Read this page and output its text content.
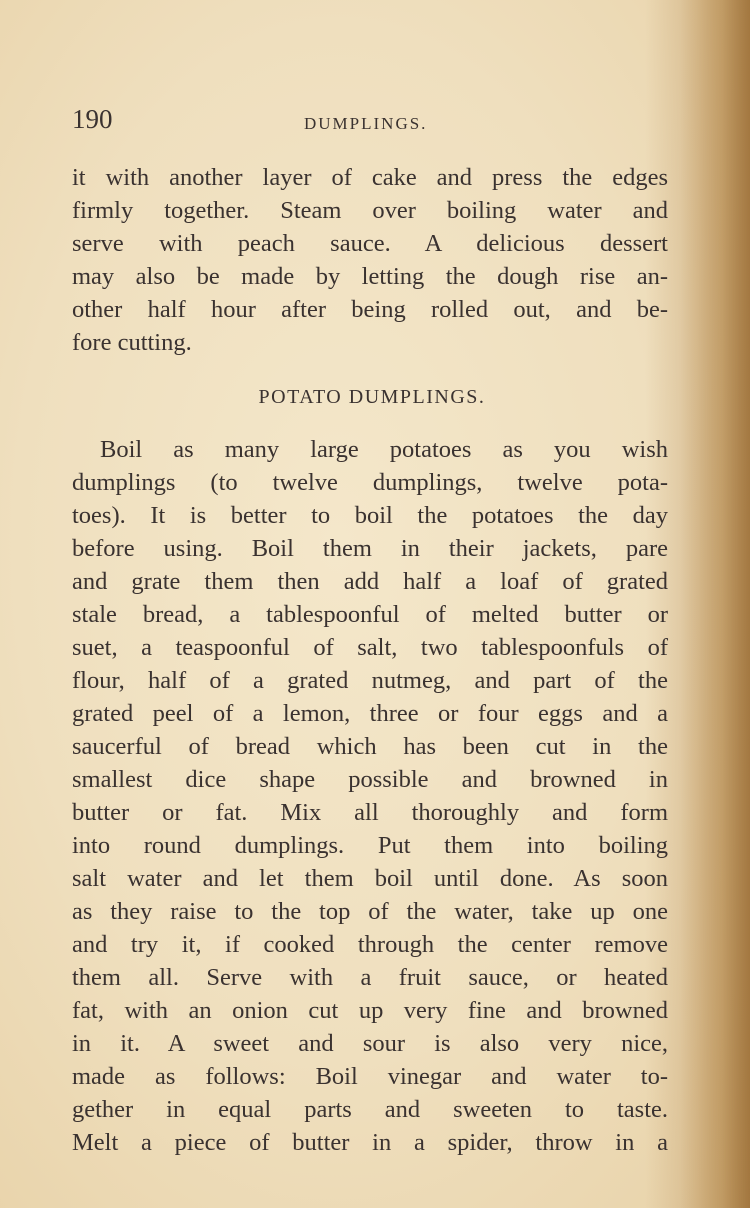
190	DUMPLINGS.
it with another layer of cake and press the edges
firmly together. Steam over boiling water and
serve with peach sauce. A delicious dessert
may also be made by letting the dough rise an-
other half hour after being rolled out, and be-
fore cutting.
POTATO DUMPLINGS.
Boil as many large potatoes as you wish
dumplings (to twelve dumplings, twelve pota-
toes). It is better to boil the potatoes the day
before using. Boil them in their jackets, pare
and grate them then add half a loaf of grated
stale bread, a tablespoonful of melted butter or
suet, a teaspoonful of salt, two tablespoonfuls of
flour, half of a grated nutmeg, and part of the
grated peel of a lemon, three or four eggs and a
saucerful of bread which has been cut in the
smallest dice shape possible and browned in
butter or fat. Mix all thoroughly and form
into round dumplings. Put them into boiling
salt water and let them boil until done. As soon
as they raise to the top of the water, take up one
and try it, if cooked through the center remove
them all. Serve with a fruit sauce, or heated
fat, with an onion cut up very fine and browned
in it. A sweet and sour is also very nice,
made as follows: Boil vinegar and water to-
gether in equal parts and sweeten to taste.
Melt a piece of butter in a spider, throw in a
